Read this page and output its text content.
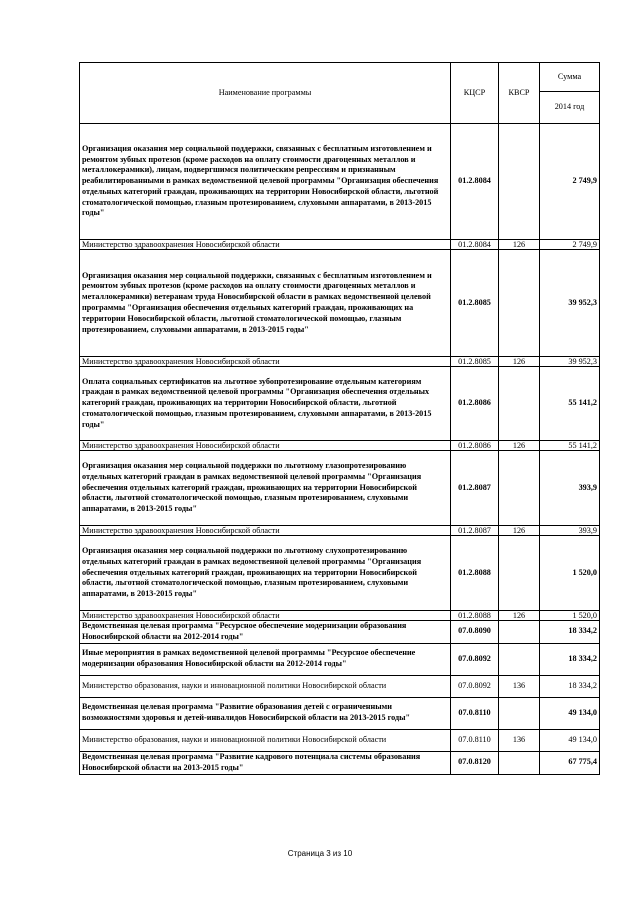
Наименование программы	КЦСР	КВСР	Сумма
			2014 год
Организация оказания мер социальной поддержки, связанных с бесплатным изготовлением и ремонтом зубных протезов (кроме расходов на оплату стоимости драгоценных металлов и металлокерамики), лицам, подвергшимся политическим репрессиям и признанным реабилитированными в рамках ведомственной целевой программы "Организация обеспечения отдельных категорий граждан, проживающих на территории Новосибирской области, льготной стоматологической помощью, глазным протезированием, слуховыми аппаратами, в 2013-2015 годы"	01.2.8084		2 749,9
Министерство здравоохранения Новосибирской области	01.2.8084	126	2 749,9
Организация оказания мер социальной поддержки, связанных с бесплатным изготовлением и ремонтом зубных протезов (кроме расходов на оплату стоимости драгоценных металлов и металлокерамики) ветеранам труда Новосибирской области в рамках ведомственной целевой программы "Организация обеспечения отдельных категорий граждан, проживающих на территории Новосибирской области, льготной стоматологической помощью, глазным протезированием, слуховыми аппаратами, в 2013-2015 годы"	01.2.8085		39 952,3
Министерство здравоохранения Новосибирской области	01.2.8085	126	39 952,3
Оплата социальных сертификатов на льготное зубопротезирование отдельным категориям граждан в рамках ведомственной целевой программы "Организация обеспечения отдельных категорий граждан, проживающих на территории Новосибирской области, льготной стоматологической помощью, глазным протезированием, слуховыми аппаратами, в 2013-2015 годы"	01.2.8086		55 141,2
Министерство здравоохранения Новосибирской области	01.2.8086	126	55 141,2
Организация оказания мер социальной поддержки по льготному глазопротезированию отдельных категорий граждан в рамках ведомственной целевой программы "Организация обеспечения отдельных категорий граждан, проживающих на территории Новосибирской области, льготной стоматологической помощью, глазным протезированием, слуховыми аппаратами, в 2013-2015 годы"	01.2.8087		393,9
Министерство здравоохранения Новосибирской области	01.2.8087	126	393,9
Организация оказания мер социальной поддержки по льготному слухопротезированию отдельных категорий граждан в рамках ведомственной целевой программы "Организация обеспечения отдельных категорий граждан, проживающих на территории Новосибирской области, льготной стоматологической помощью, глазным протезированием, слуховыми аппаратами, в 2013-2015 годы"	01.2.8088		1 520,0
Министерство здравоохранения Новосибирской области	01.2.8088	126	1 520,0
Ведомственная целевая программа "Ресурсное обеспечение модернизации образования Новосибирской области на 2012-2014 годы"	07.0.8090		18 334,2
Иные мероприятия в рамках ведомственной целевой программы "Ресурсное обеспечение модернизации образования Новосибирской области на 2012-2014 годы"	07.0.8092		18 334,2
Министерство образования, науки и инновационной политики Новосибирской области	07.0.8092	136	18 334,2
Ведомственная целевая программа "Развитие образования детей с ограниченными возможностями здоровья и детей-инвалидов Новосибирской области на 2013-2015 годы"	07.0.8110		49 134,0
Министерство образования, науки и инновационной политики Новосибирской области	07.0.8110	136	49 134,0
Ведомственная целевая программа "Развитие кадрового потенциала системы образования Новосибирской области на 2013-2015 годы"	07.0.8120		67 775,4
Страница 3 из 10
